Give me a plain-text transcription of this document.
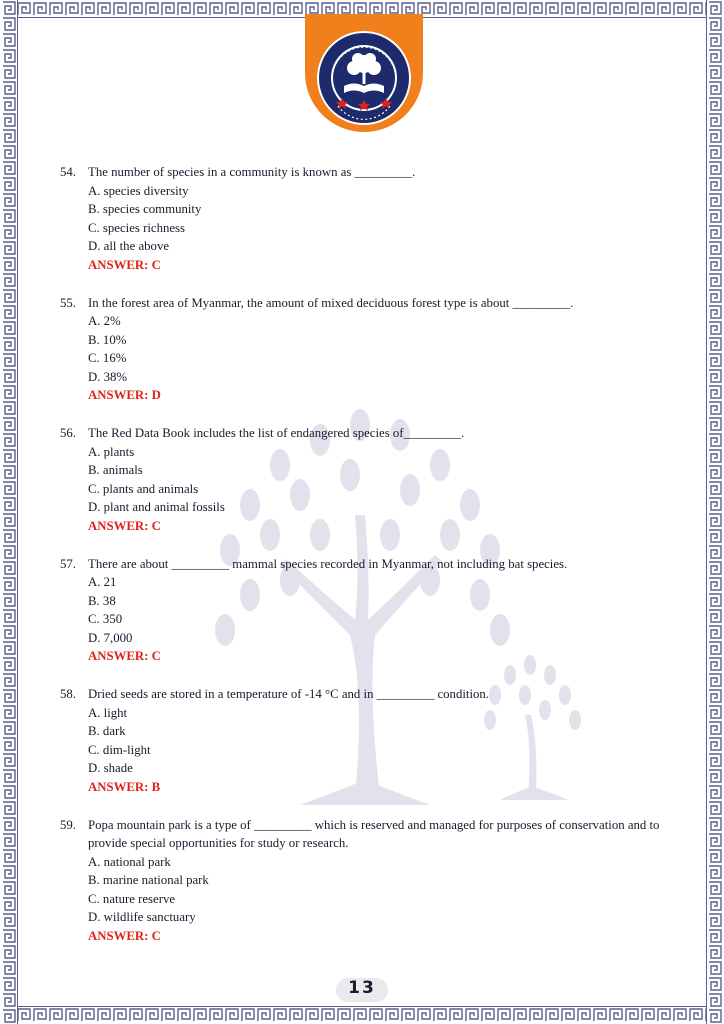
54. The number of species in a community is known as _________.
A. species diversity
B. species community
C. species richness
D. all the above
ANSWER: C
55. In the forest area of Myanmar, the amount of mixed deciduous forest type is about _________.
A. 2%
B. 10%
C. 16%
D. 38%
ANSWER: D
56. The Red Data Book includes the list of endangered species of_________.
A. plants
B. animals
C. plants and animals
D. plant and animal fossils
ANSWER: C
57. There are about _________ mammal species recorded in Myanmar, not including bat species.
A. 21
B. 38
C. 350
D. 7,000
ANSWER: C
58. Dried seeds are stored in a temperature of -14 °C and in _________ condition.
A. light
B. dark
C. dim-light
D. shade
ANSWER: B
59. Popa mountain park is a type of _________ which is reserved and managed for purposes of conservation and to provide special opportunities for study or research.
A. national park
B. marine national park
C. nature reserve
D. wildlife sanctuary
ANSWER: C
13
